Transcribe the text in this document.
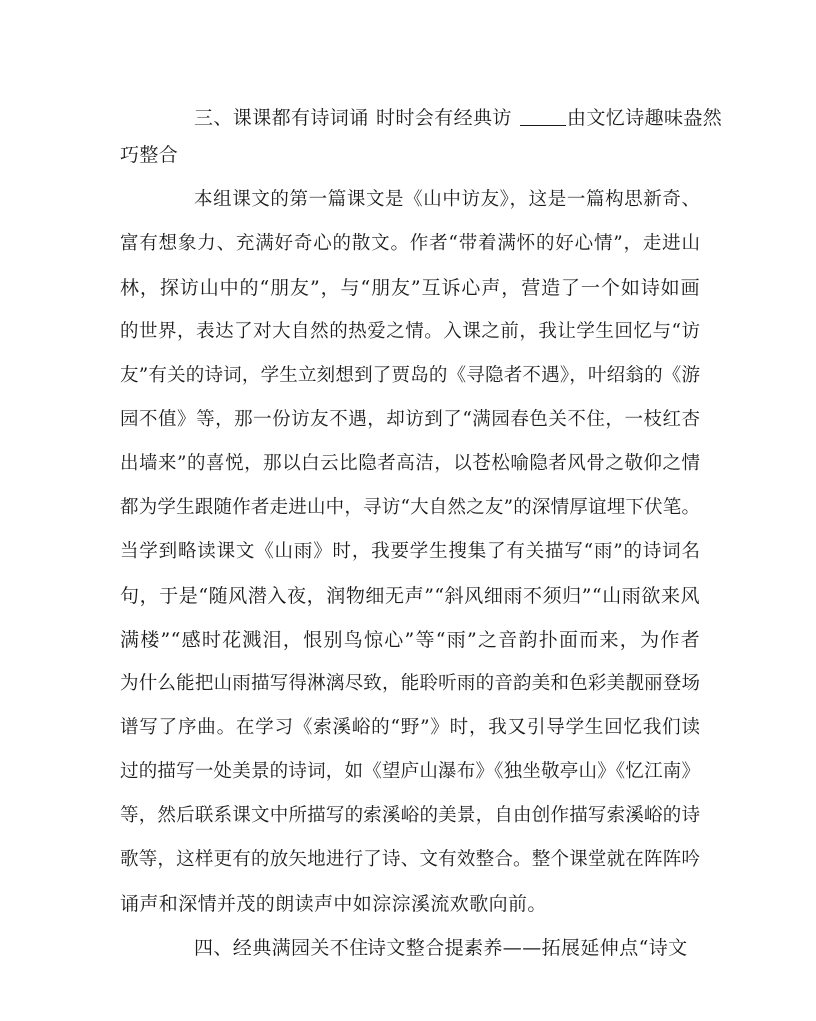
三、课课都有诗词诵 时时会有经典访	由文忆诗趣味盎然
巧整合
本组课文的第一篇课文是《山中访友》，这是一篇构思新奇、
富有想象力、充满好奇心的散文。作者“带着满怀的好心情”，走进山
林，探访山中的“朋友”，与“朋友”互诉心声，营造了一个如诗如画
的世界，表达了对大自然的热爱之情。入课之前，我让学生回忆与“访
友”有关的诗词，学生立刻想到了贾岛的《寻隐者不遇》，叶绍翁的《游
园不值》等，那一份访友不遇，却访到了“满园春色关不住，一枝红杏
出墙来”的喜悦，那以白云比隐者高洁，以苍松喻隐者风骨之敬仰之情
都为学生跟随作者走进山中，寻访“大自然之友”的深情厚谊埋下伏笔。
当学到略读课文《山雨》时，我要学生搜集了有关描写“雨”的诗词名
句，于是“随风潜入夜，润物细无声”“斜风细雨不须归”“山雨欲来风
满楼”“感时花溅泪，恨别鸟惊心”等“雨”之音韵扑面而来，为作者
为什么能把山雨描写得淋漓尽致，能聆听雨的音韵美和色彩美靓丽登场
谱写了序曲。在学习《索溪峪的“野”》时，我又引导学生回忆我们读
过的描写一处美景的诗词，如《望庐山瀑布》《独坐敬亭山》《忆江南》
等，然后联系课文中所描写的索溪峪的美景，自由创作描写索溪峪的诗
歌等，这样更有的放矢地进行了诗、文有效整合。整个课堂就在阵阵吟
诵声和深情并茂的朗读声中如淙淙溪流欢歌向前。
四、经典满园关不住
诗文整合提素养——拓展延伸点“诗文
